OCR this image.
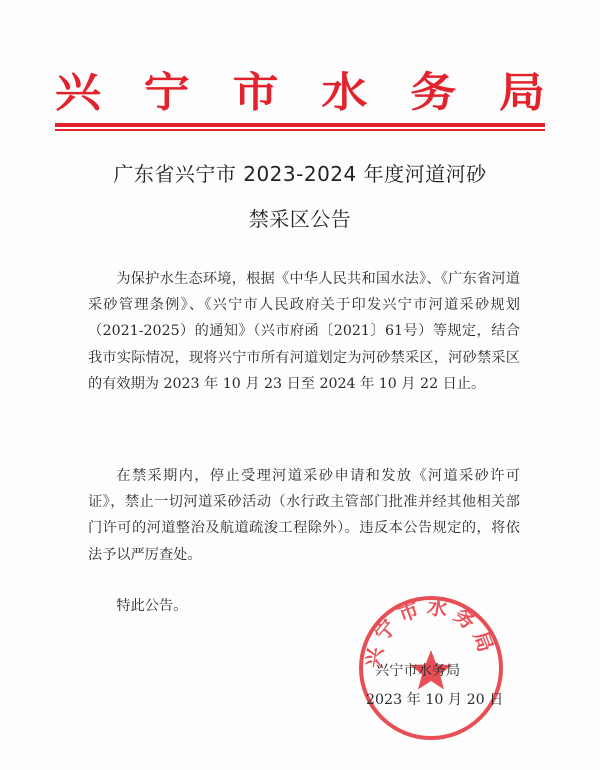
兴 宁 市 水 务 局
广东省兴宁市 2023-2024 年度河道河砂
禁采区公告
为保护水生态环境，根据《中华人民共和国水法》、《广东省河道采砂管理条例》、《兴宁市人民政府关于印发兴宁市河道采砂规划（2021-2025）的通知》（兴市府函〔2021〕61号）等规定，结合我市实际情况，现将兴宁市所有河道划定为河砂禁采区，河砂禁采区的有效期为 2023 年 10 月 23 日至 2024 年 10 月 22 日止。
在禁采期内，停止受理河道采砂申请和发放《河道采砂许可证》，禁止一切河道采砂活动（水行政主管部门批准并经其他相关部门许可的河道整治及航道疏浚工程除外）。违反本公告规定的，将依法予以严厉查处。
特此公告。
兴宁市水务局
兴宁市水务局
2023 年 10 月 20 日
